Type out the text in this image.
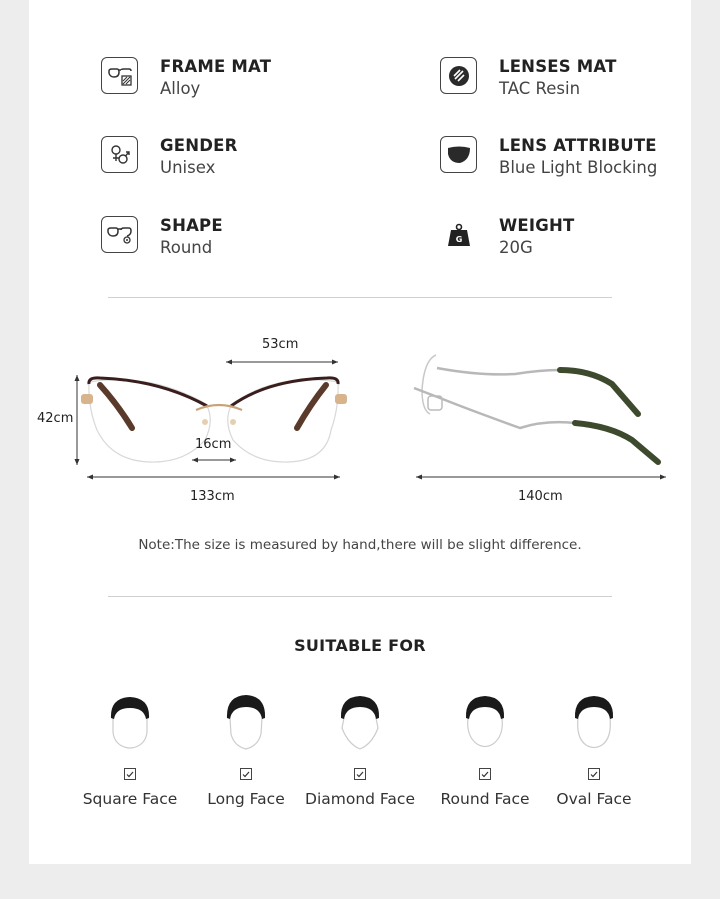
FRAME MAT
Alloy
LENSES MAT
TAC Resin
GENDER
Unisex
LENS ATTRIBUTE
Blue Light Blocking
SHAPE
Round	G
WEIGHT
20G
53cm
42cm
16cm
133cm	140cm
Note:The size is measured by hand,there will be slight difference.
SUITABLE FOR
Square Face	Long Face	Diamond Face	Round Face	Oval Face
